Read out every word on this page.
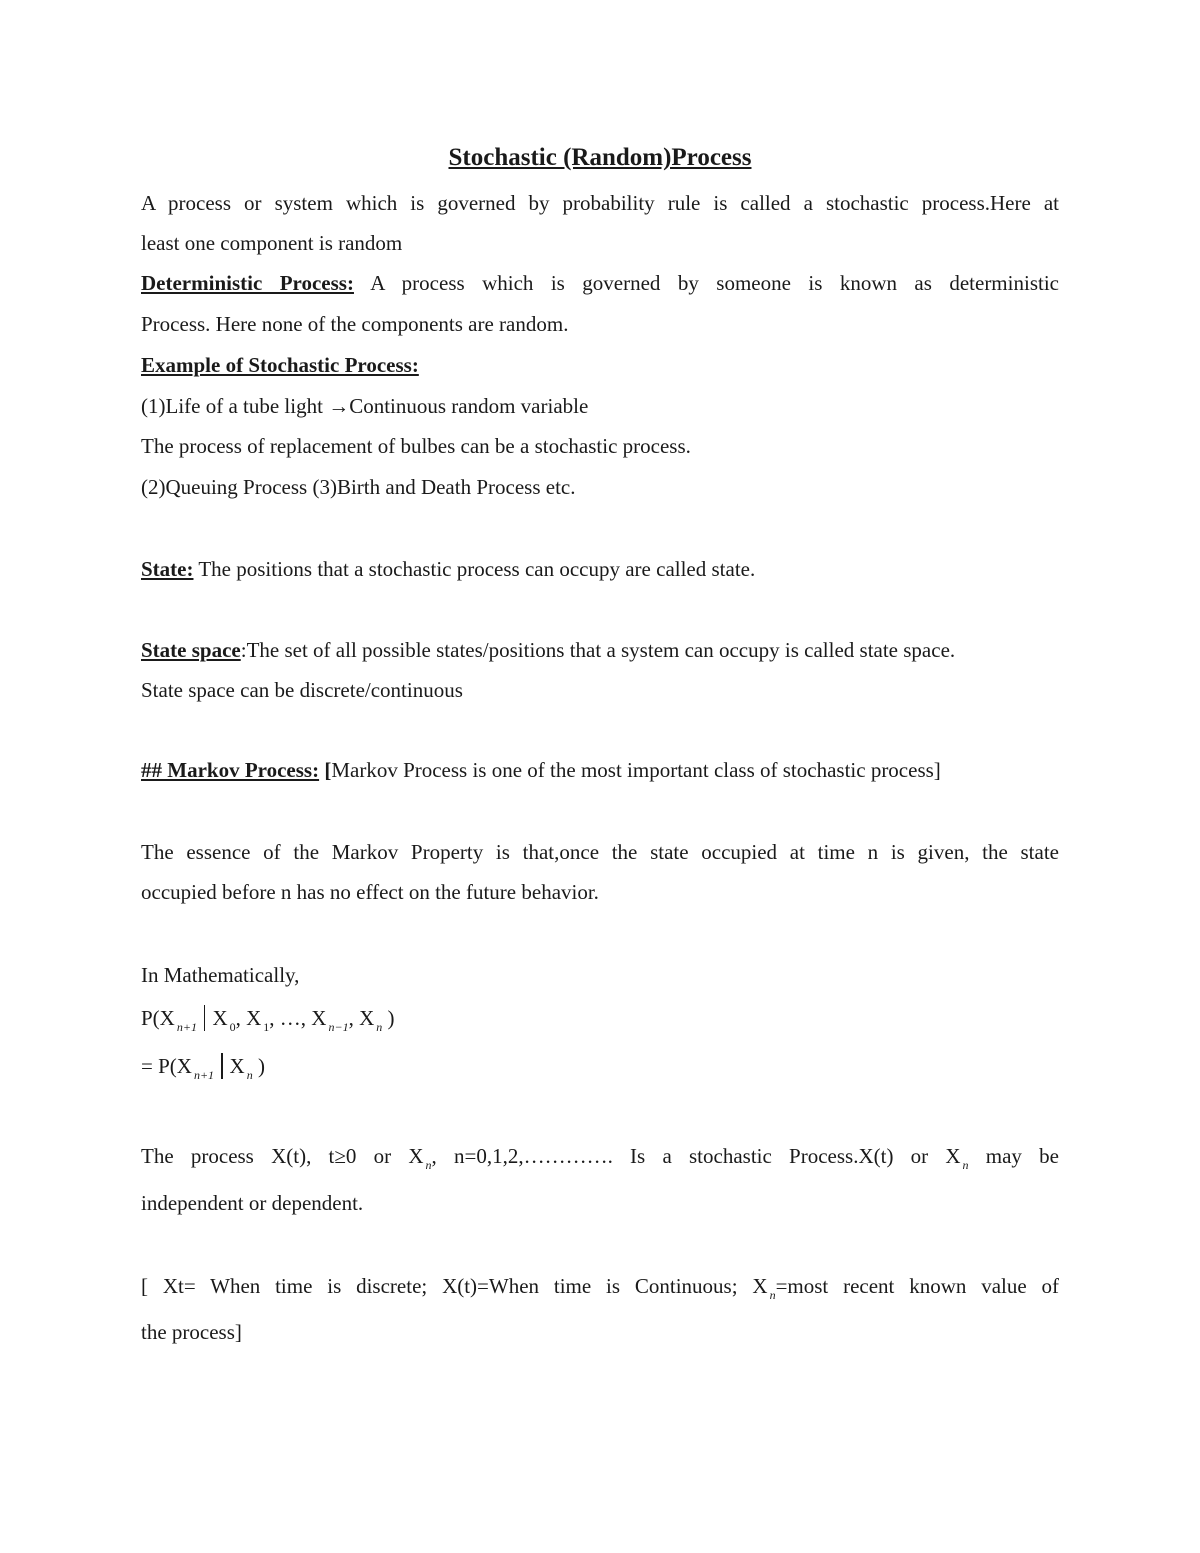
Stochastic (Random)Process
A process or system which is governed by probability rule is called a stochastic process.Here at
least one component is random
Deterministic Process: A process which is governed by someone is known as deterministic
Process. Here none of the components are random.
Example of Stochastic Process:
(1)Life of a tube light →Continuous random variable
The process of replacement of bulbes can be a stochastic process.
(2)Queuing Process (3)Birth and Death Process etc.
State: The positions that a stochastic process can occupy are called state.
State space:The set of all possible states/positions that a system can occupy is called state space.
State space can be discrete/continuous
## Markov Process: [Markov Process is one of the most important class of stochastic process]
The essence of the Markov Property is that,once the state occupied at time n is given, the state
occupied before n has no effect on the future behavior.
In Mathematically,
P(X $_{n+1}$ X $_0$, X $_1$, …, X $_{n-1}$, X $_n$ )
= P(X $_{n+1}$ X $_n$ )
The process X(t), t≥0 or X $_n$, n=0,1,2,…………. Is a stochastic Process.X(t) or X $_n$ may be
independent or dependent.
[ Xt= When time is discrete; X(t)=When time is Continuous; X $_n$=most recent known value of
the process]
